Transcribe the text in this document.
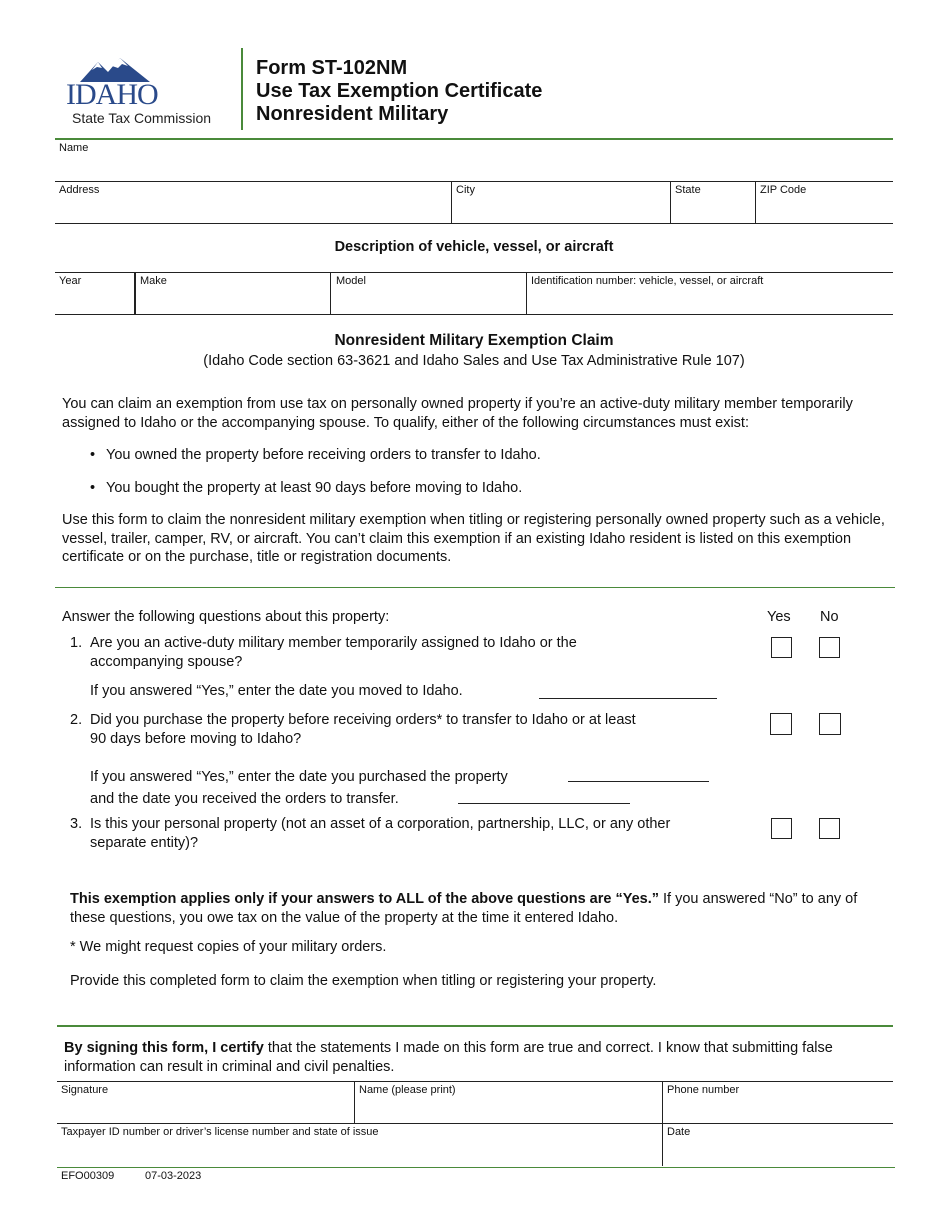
IDAHO
State Tax Commission
Form ST-102NM
Use Tax Exemption Certificate
Nonresident Military
Name
Address	City	State	ZIP Code
Description of vehicle, vessel, or aircraft
Year	Make	Model	Identification number: vehicle, vessel, or aircraft
Nonresident Military Exemption Claim
(Idaho Code section 63-3621 and Idaho Sales and Use Tax Administrative Rule 107)
You can claim an exemption from use tax on personally owned property if you’re an active-duty military member temporarily assigned to Idaho or the accompanying spouse. To qualify, either of the following circumstances must exist:
• You owned the property before receiving orders to transfer to Idaho.
• You bought the property at least 90 days before moving to Idaho.
Use this form to claim the nonresident military exemption when titling or registering personally owned property such as a vehicle, vessel, trailer, camper, RV, or aircraft. You can’t claim this exemption if an existing Idaho resident is listed on this exemption certificate or on the purchase, title or registration documents.
Answer the following questions about this property:	Yes No
1. Are you an active-duty military member temporarily assigned to Idaho or the accompanying spouse?
If you answered “Yes,” enter the date you moved to Idaho.
2. Did you purchase the property before receiving orders* to transfer to Idaho or at least 90 days before moving to Idaho?
If you answered “Yes,” enter the date you purchased the property
and the date you received the orders to transfer.
3. Is this your personal property (not an asset of a corporation, partnership, LLC, or any other separate entity)?
This exemption applies only if your answers to ALL of the above questions are “Yes.” If you answered “No” to any of these questions, you owe tax on the value of the property at the time it entered Idaho.
* We might request copies of your military orders.
Provide this completed form to claim the exemption when titling or registering your property.
By signing this form, I certify that the statements I made on this form are true and correct. I know that submitting false information can result in criminal and civil penalties.
Signature	Name (please print)	Phone number
Taxpayer ID number or driver’s license number and state of issue	Date
EFO00309	07-03-2023
